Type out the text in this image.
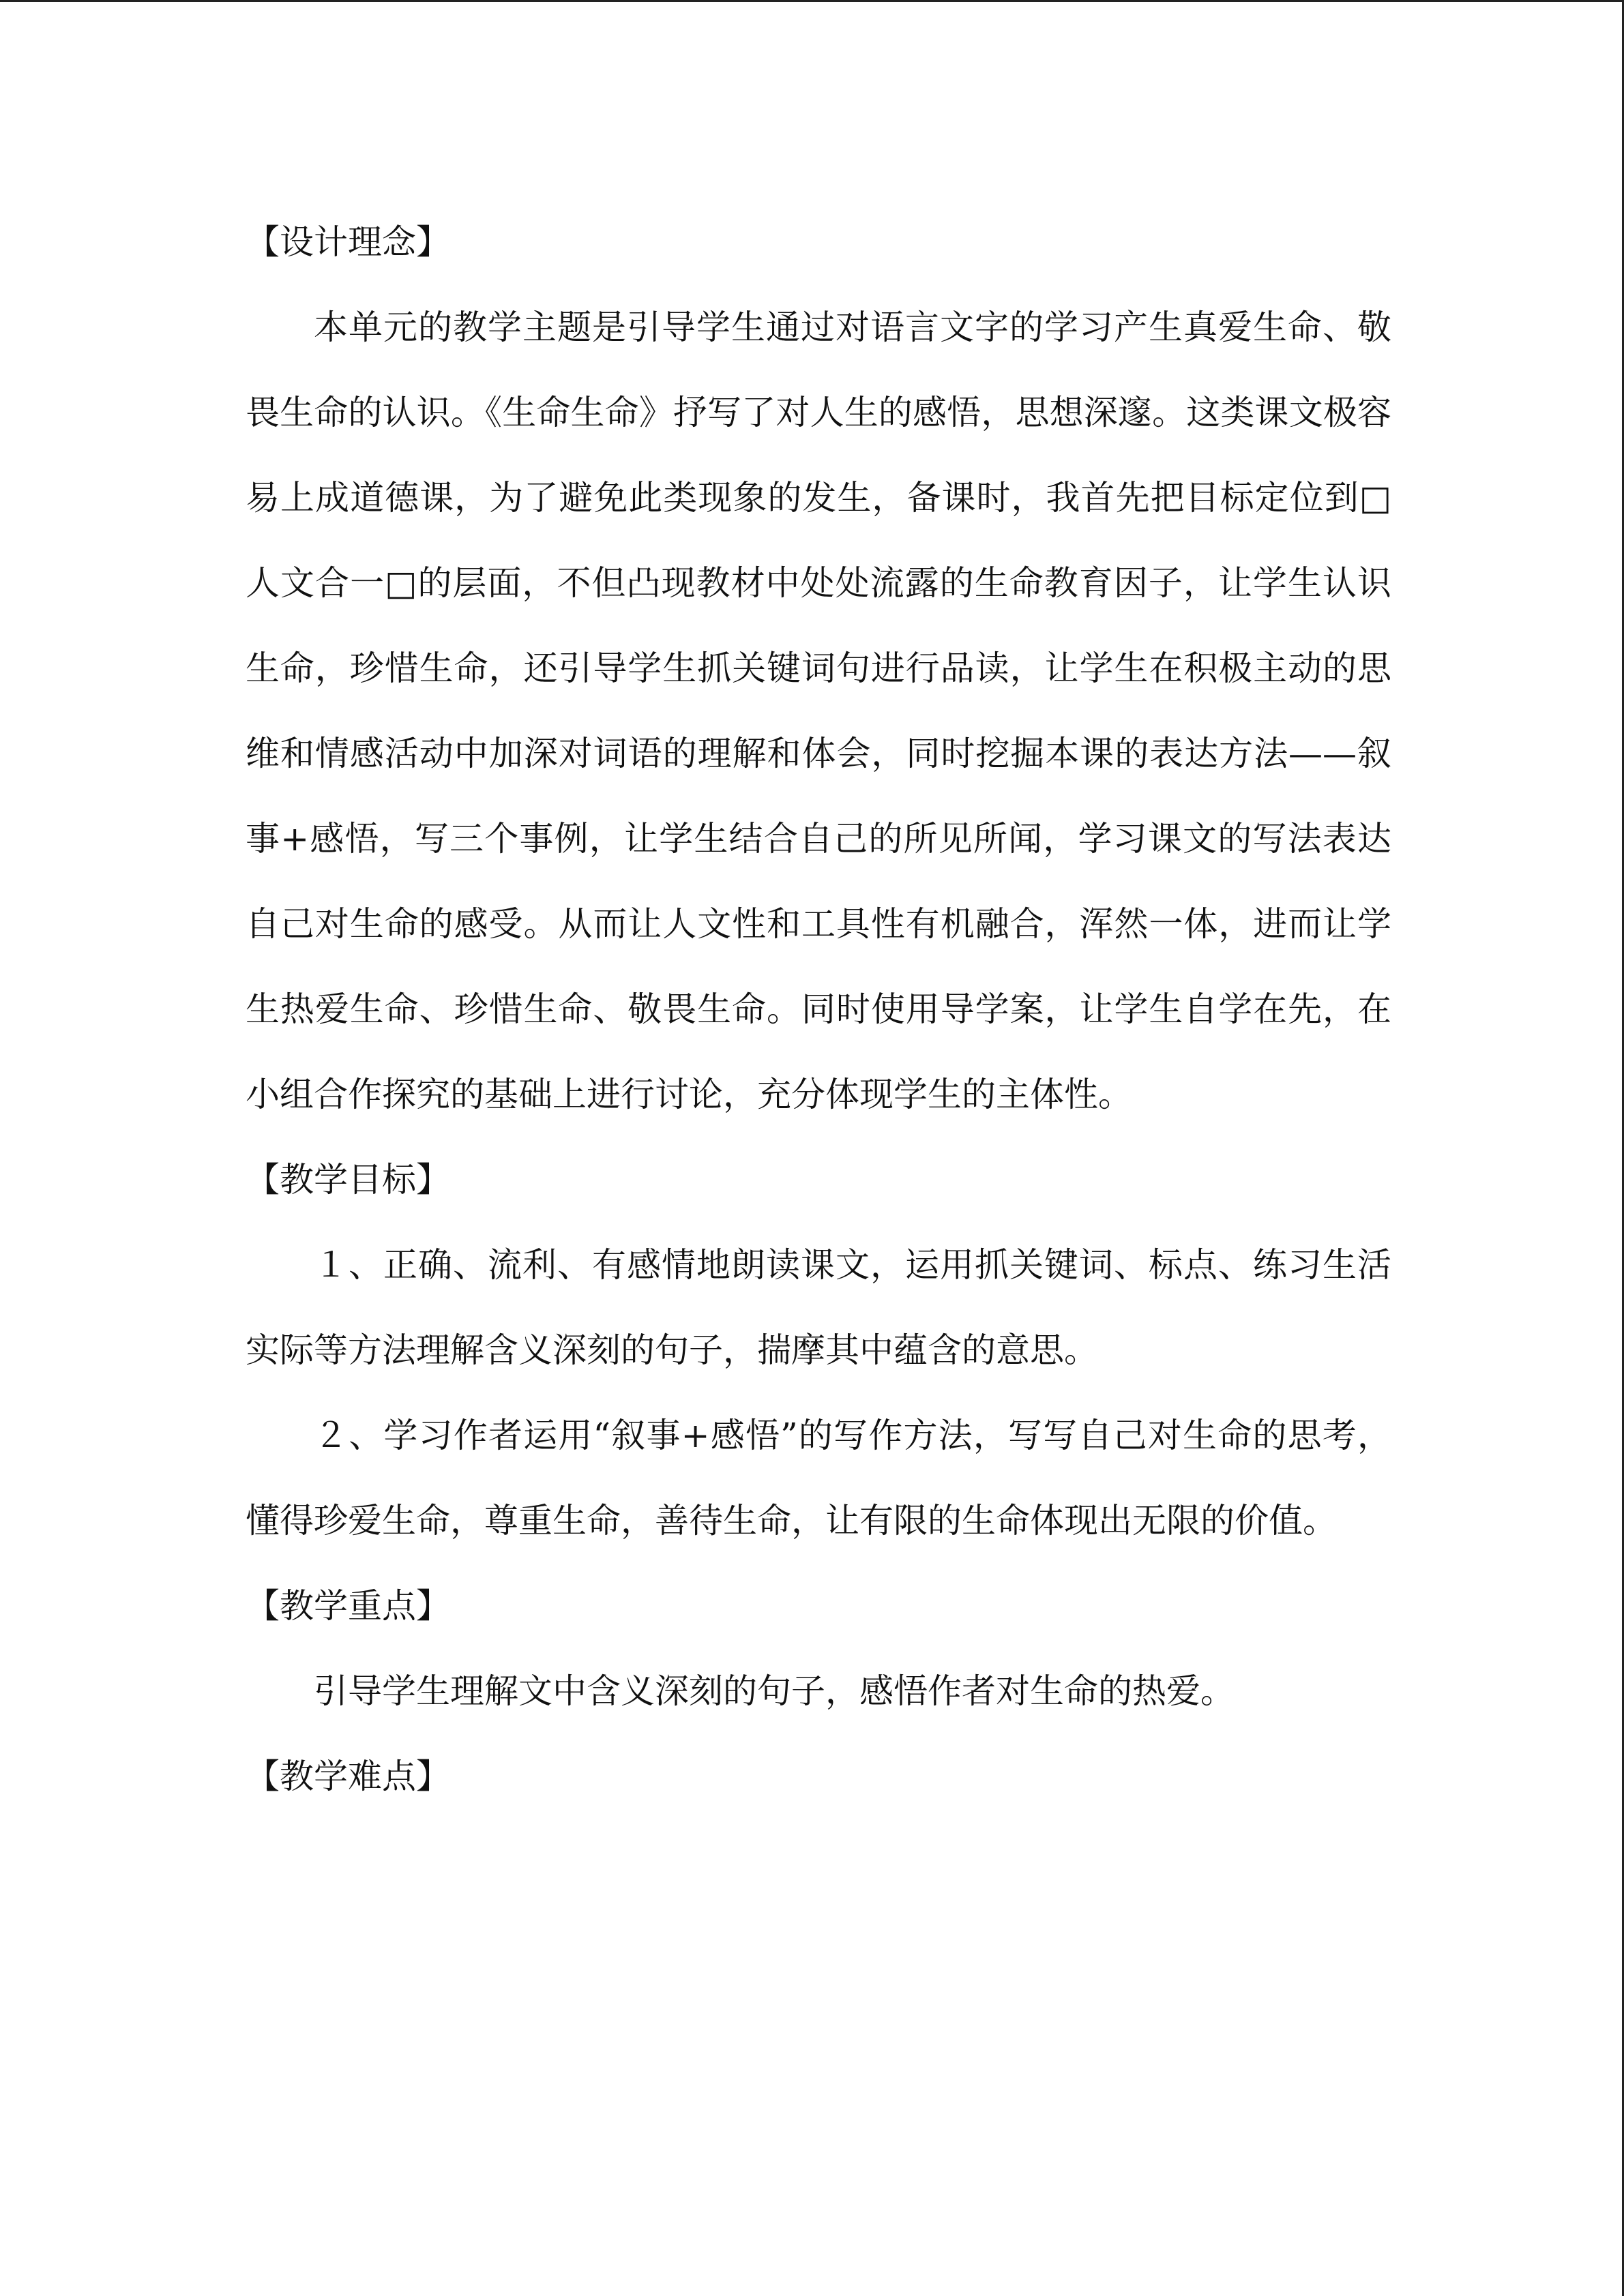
【设计理念】

本单元的教学主题是引导学生通过对语言文字的学习产生真爱生命、敬畏生命的认识。《生命生命》抒写了对人生的感悟，思想深邃。这类课文极容易上成道德课，为了避免此类现象的发生，备课时，我首先把目标定位到□人文合一□的层面，不但凸现教材中处处流露的生命教育因子，让学生认识生命，珍惜生命，还引导学生抓关键词句进行品读，让学生在积极主动的思维和情感活动中加深对词语的理解和体会，同时挖掘本课的表达方法——叙事+感悟，写三个事例，让学生结合自己的所见所闻，学习课文的写法表达自己对生命的感受。从而让人文性和工具性有机融合，浑然一体，进而让学生热爱生命、珍惜生命、敬畏生命。同时使用导学案，让学生自学在先，在小组合作探究的基础上进行讨论，充分体现学生的主体性。

【教学目标】

１、正确、流利、有感情地朗读课文，运用抓关键词、标点、练习生活实际等方法理解含义深刻的句子，揣摩其中蕴含的意思。

２、学习作者运用“叙事+感悟”的写作方法，写写自己对生命的思考，懂得珍爱生命，尊重生命，善待生命，让有限的生命体现出无限的价值。

【教学重点】

引导学生理解文中含义深刻的句子，感悟作者对生命的热爱。

【教学难点】
